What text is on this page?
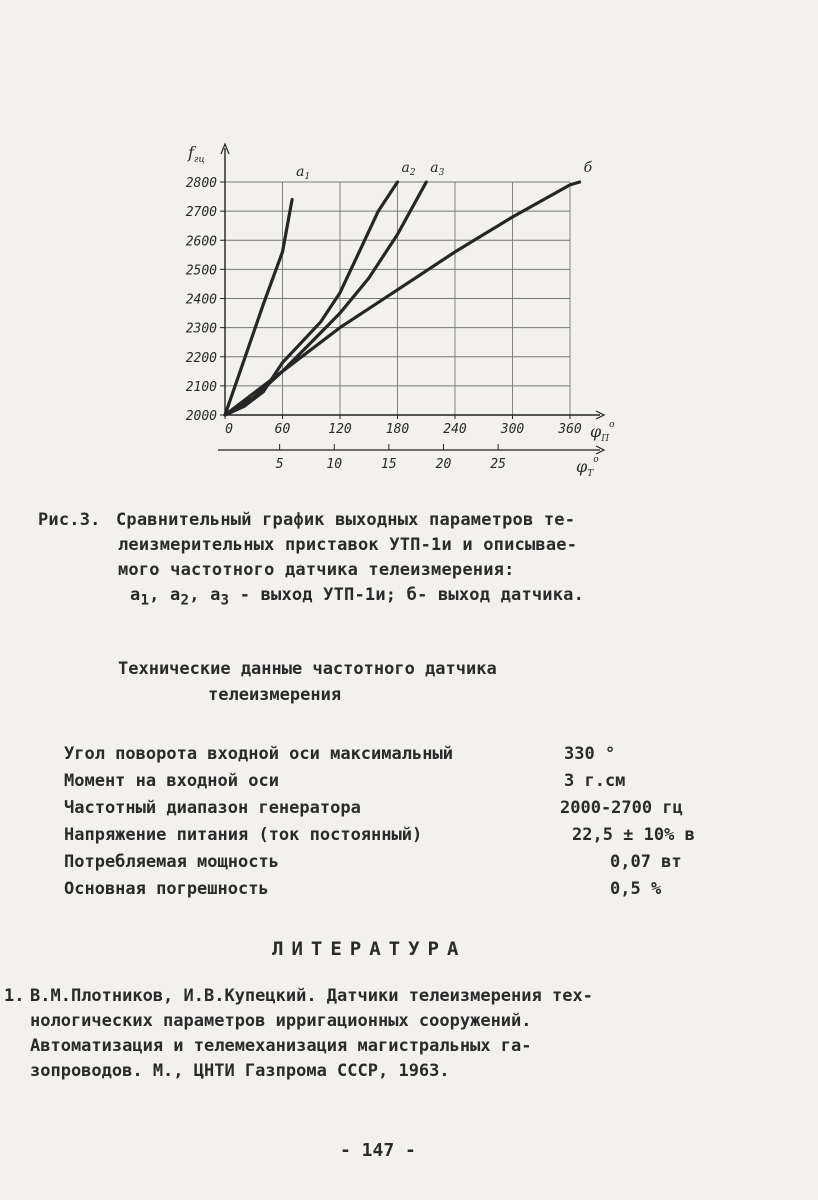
2000
2100
2200
2300
2400
2500
2600
2700
2800
0	60	120	180	240	300	360
5	10	15	20	25
$a_1$
$a_2$ $a_3$	б
$f_{гц}$
$\varphi_П^o$
$\varphi_Т^o$
Рис.3. Сравнительный график выходных параметров те-
леизмерительных приставок УТП-1и и описывае-
мого частотного датчика телеизмерения:
$a_1$, $a_2$, $a_3$ - выход УТП-1и; б- выход датчика.
Технические данные частотного датчика
телеизмерения
Угол поворота входной оси максимальный	330 °
Момент на входной оси	3 г.см
Частотный диапазон генератора	2000-2700 гц
Напряжение питания (ток постоянный)	22,5 ± 10% в
Потребляемая мощность	0,07 вт
Основная погрешность	0,5 %
ЛИТЕРАТУРА
1. В.М.Плотников, И.В.Купецкий. Датчики телеизмерения тех-
нологических параметров ирригационных сооружений.
Автоматизация и телемеханизация магистральных га-
зопроводов. М., ЦНТИ Газпрома СССР, 1963.
- 147 -
